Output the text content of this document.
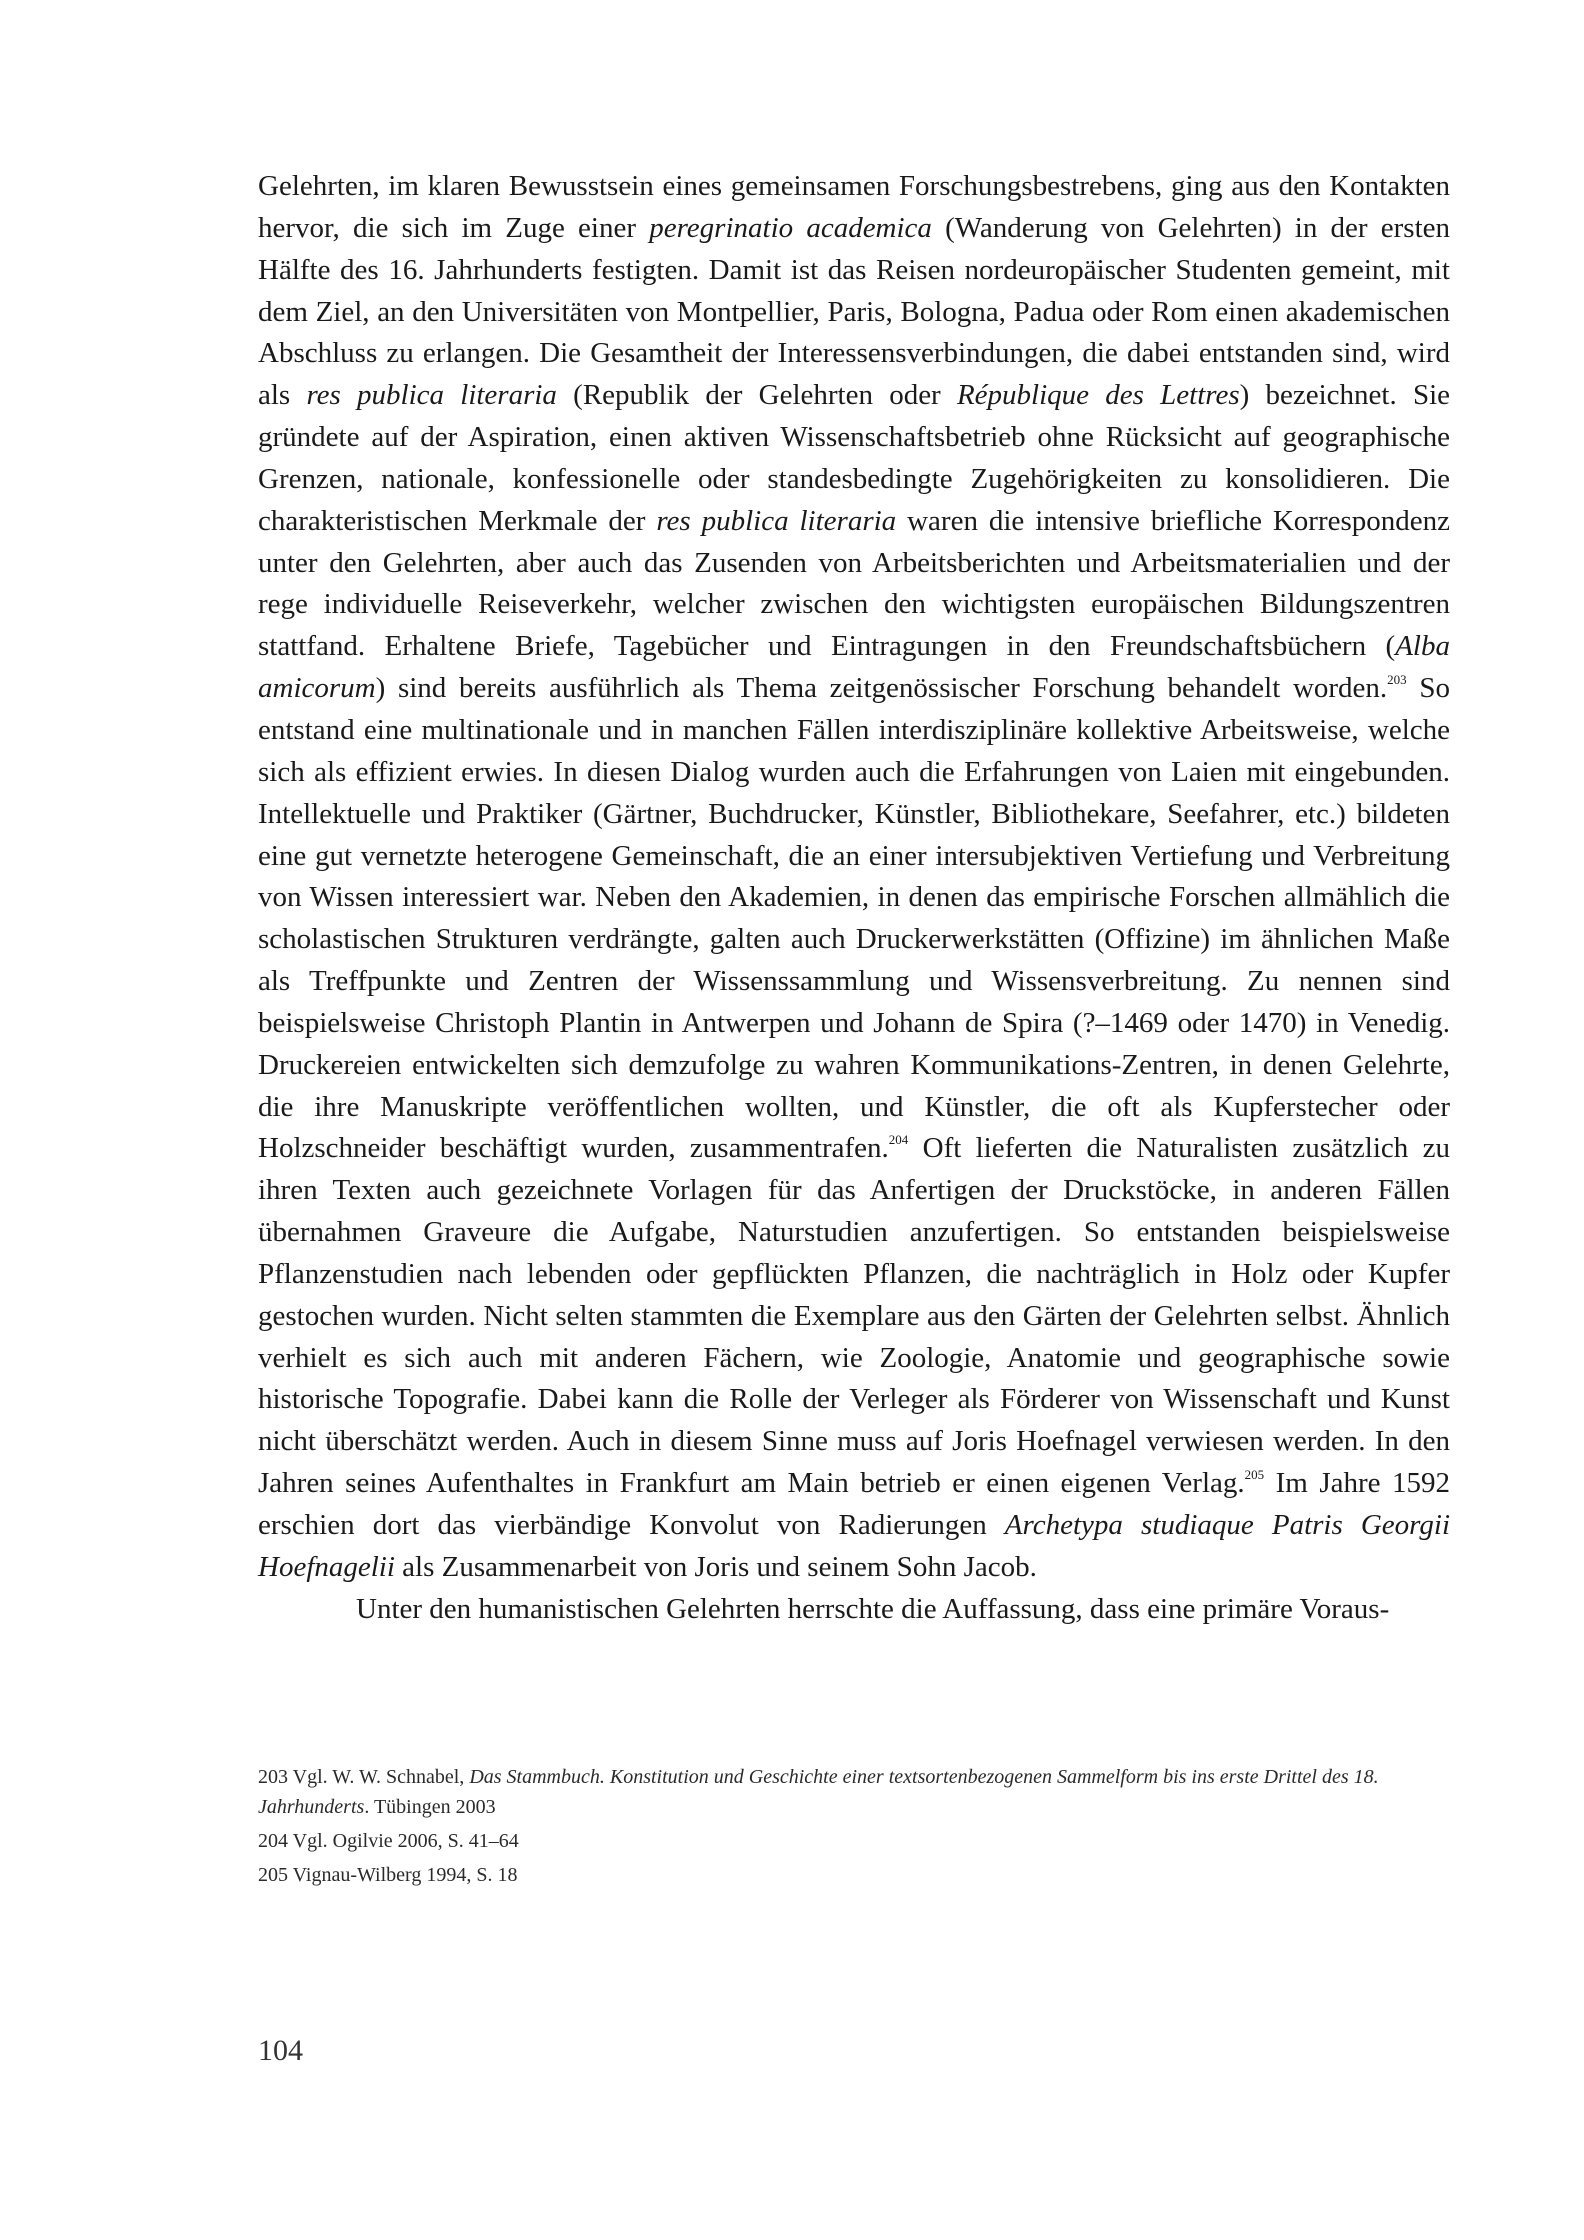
Gelehrten, im klaren Bewusstsein eines gemeinsamen Forschungsbestrebens, ging aus den Kontakten hervor, die sich im Zuge einer peregrinatio academica (Wanderung von Gelehrten) in der ersten Hälfte des 16. Jahrhunderts festigten. Damit ist das Reisen nordeuropäischer Studenten gemeint, mit dem Ziel, an den Universitäten von Montpellier, Paris, Bologna, Padua oder Rom einen akademischen Abschluss zu erlangen. Die Gesamtheit der Interessensverbindungen, die dabei entstanden sind, wird als res publica literaria (Republik der Gelehrten oder République des Lettres) bezeichnet. Sie gründete auf der Aspiration, einen aktiven Wissenschaftsbetrieb ohne Rücksicht auf geographische Grenzen, nationale, konfessionelle oder standesbedingte Zugehörigkeiten zu konsolidieren. Die charakteristischen Merkmale der res publica literaria waren die intensive briefliche Korrespondenz unter den Gelehrten, aber auch das Zusenden von Arbeitsberichten und Arbeitsmaterialien und der rege individuelle Reiseverkehr, welcher zwischen den wichtigsten europäischen Bildungszentren stattfand. Erhaltene Briefe, Tagebücher und Eintragungen in den Freundschaftsbüchern (Alba amicorum) sind bereits ausführlich als Thema zeitgenössischer Forschung behandelt worden.$^{203}$ So entstand eine multinationale und in manchen Fällen interdisziplinäre kollektive Arbeitsweise, welche sich als effizient erwies. In diesen Dialog wurden auch die Erfahrungen von Laien mit eingebunden. Intellektuelle und Praktiker (Gärtner, Buchdrucker, Künstler, Bibliothekare, Seefahrer, etc.) bildeten eine gut vernetzte heterogene Gemeinschaft, die an einer intersubjektiven Vertiefung und Verbreitung von Wissen interessiert war. Neben den Akademien, in denen das empirische Forschen allmählich die scholastischen Strukturen verdrängte, galten auch Druckerwerkstätten (Offizine) im ähnlichen Maße als Treffpunkte und Zentren der Wissenssammlung und Wissensverbreitung. Zu nennen sind beispielsweise Christoph Plantin in Antwerpen und Johann de Spira (?–1469 oder 1470) in Venedig. Druckereien entwickelten sich demzufolge zu wahren Kommunikations-Zentren, in denen Gelehrte, die ihre Manuskripte veröffentlichen wollten, und Künstler, die oft als Kupferstecher oder Holzschneider beschäftigt wurden, zusammentrafen.$^{204}$ Oft lieferten die Naturalisten zusätzlich zu ihren Texten auch gezeichnete Vorlagen für das Anfertigen der Druckstöcke, in anderen Fällen übernahmen Graveure die Aufgabe, Naturstudien anzufertigen. So entstanden beispielsweise Pflanzenstudien nach lebenden oder gepflückten Pflanzen, die nachträglich in Holz oder Kupfer gestochen wurden. Nicht selten stammten die Exemplare aus den Gärten der Gelehrten selbst. Ähnlich verhielt es sich auch mit anderen Fächern, wie Zoologie, Anatomie und geographische sowie historische Topografie. Dabei kann die Rolle der Verleger als Förderer von Wissenschaft und Kunst nicht überschätzt werden. Auch in diesem Sinne muss auf Joris Hoefnagel verwiesen werden. In den Jahren seines Aufenthaltes in Frankfurt am Main betrieb er einen eigenen Verlag.$^{205}$ Im Jahre 1592 erschien dort das vierbändige Konvolut von Radierungen Archetypa studiaque Patris Georgii Hoefnagelii als Zusammenarbeit von Joris und seinem Sohn Jacob.

Unter den humanistischen Gelehrten herrschte die Auffassung, dass eine primäre Voraus-

203 Vgl. W. W. Schnabel, Das Stammbuch. Konstitution und Geschichte einer textsortenbezogenen Sammelform bis ins erste Drittel des 18. Jahrhunderts. Tübingen 2003
204 Vgl. Ogilvie 2006, S. 41–64
205 Vignau-Wilberg 1994, S. 18
104
